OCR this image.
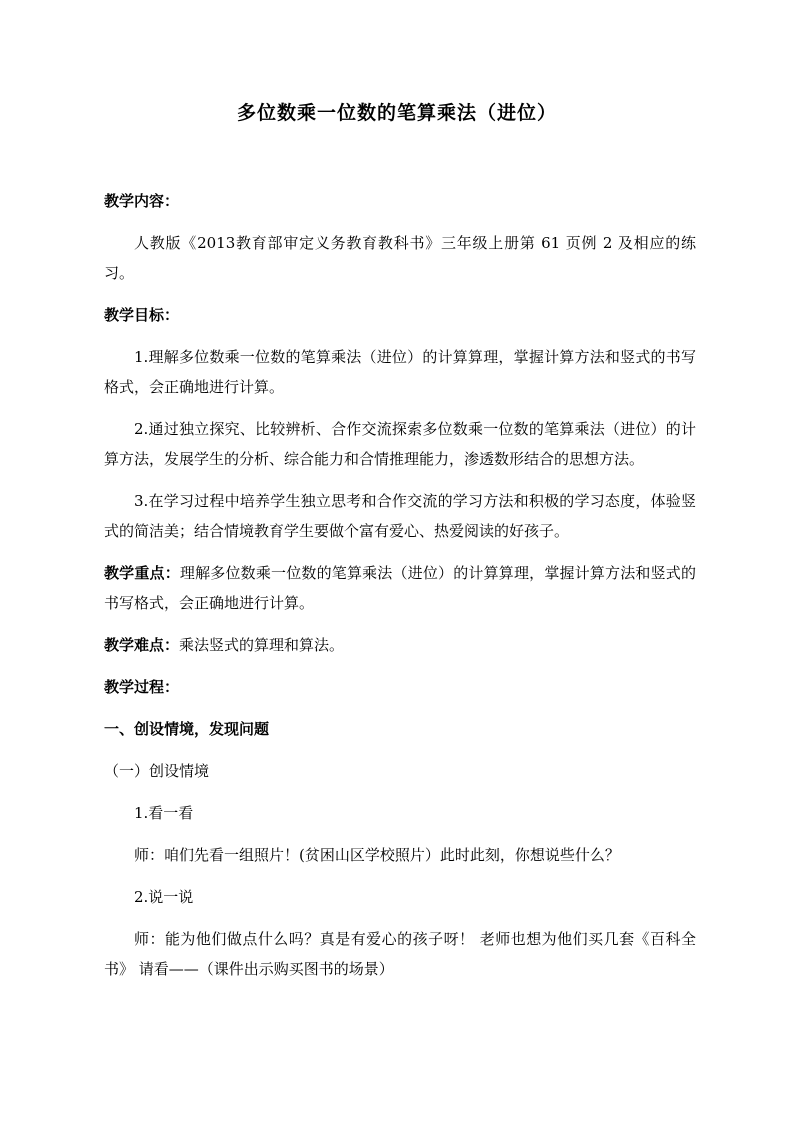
多位数乘一位数的笔算乘法（进位）

教学内容：

人教版《2013教育部审定义务教育教科书》三年级上册第 61 页例 2 及相应的练习。

教学目标：

1.理解多位数乘一位数的笔算乘法（进位）的计算算理，掌握计算方法和竖式的书写格式，会正确地进行计算。

2.通过独立探究、比较辨析、合作交流探索多位数乘一位数的笔算乘法（进位）的计算方法，发展学生的分析、综合能力和合情推理能力，渗透数形结合的思想方法。

3.在学习过程中培养学生独立思考和合作交流的学习方法和积极的学习态度，体验竖式的简洁美；结合情境教育学生要做个富有爱心、热爱阅读的好孩子。

教学重点：理解多位数乘一位数的笔算乘法（进位）的计算算理，掌握计算方法和竖式的书写格式，会正确地进行计算。

教学难点：乘法竖式的算理和算法。

教学过程：

一、创设情境，发现问题

（一）创设情境

1.看一看

师：咱们先看一组照片！(贫困山区学校照片）此时此刻，你想说些什么？

2.说一说

师：能为他们做点什么吗？真是有爱心的孩子呀！ 老师也想为他们买几套《百科全书》 请看——（课件出示购买图书的场景）
